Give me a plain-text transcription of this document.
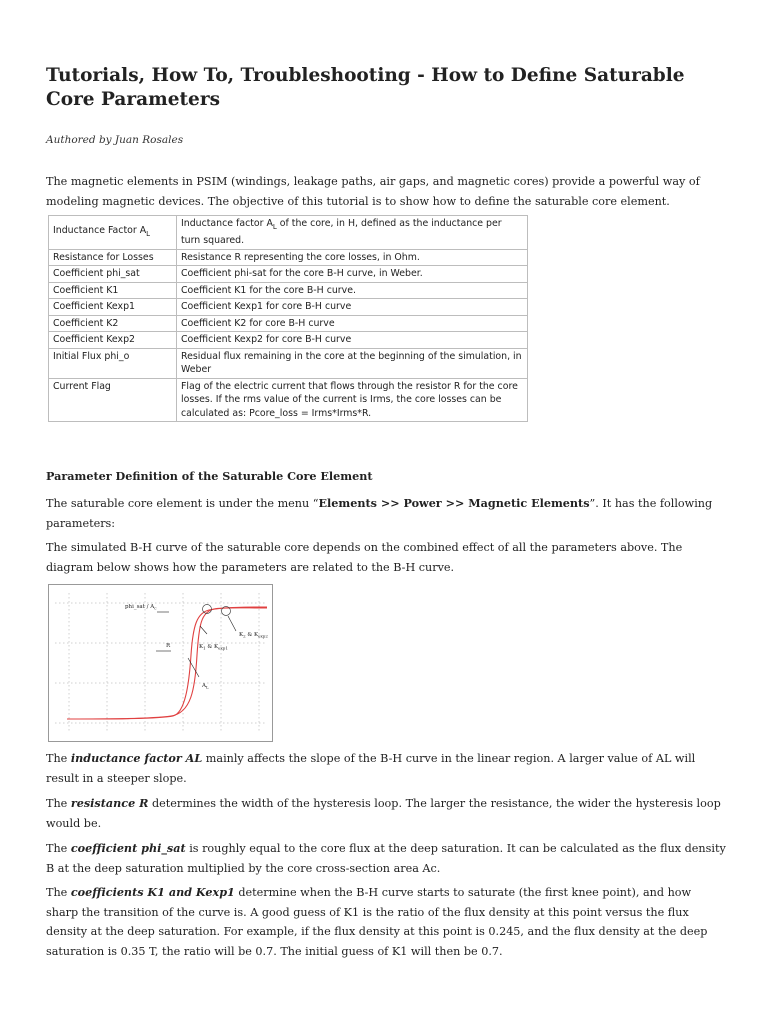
Tutorials, How To, Troubleshooting - How to Define Saturable Core Parameters
Authored by Juan Rosales

The magnetic elements in PSIM (windings, leakage paths, air gaps, and magnetic cores) provide a powerful way of modeling magnetic devices. The objective of this tutorial is to show how to define the saturable core element.

Inductance Factor $A_L$	Inductance factor $A_L$ of the core, in H, defined as the inductance per turn squared.
Resistance for Losses	Resistance R representing the core losses, in Ohm.
Coefficient phi_sat	Coefficient phi-sat for the core B-H curve, in Weber.
Coefficient K1	Coefficient K1 for the core B-H curve.
Coefficient Kexp1	Coefficient Kexp1 for core B-H curve
Coefficient K2	Coefficient K2 for core B-H curve
Coefficient Kexp2	Coefficient Kexp2 for core B-H curve
Initial Flux phi_o	Residual flux remaining in the core at the beginning of the simulation, in Weber
Current Flag	Flag of the electric current that flows through the resistor R for the core losses. If the rms value of the current is Irms, the core losses can be calculated as: Pcore_loss = Irms*Irms*R.
Parameter Definition of the Saturable Core Element

The saturable core element is under the menu “Elements >> Power >> Magnetic Elements”. It has the following parameters:

The simulated B-H curve of the saturable core depends on the combined effect of all the parameters above. The diagram below shows how the parameters are related to the B-H curve.

phi_sat / $A_c$
$K_2$ & $K_{exp2}$
R	$K_1$ & $K_{exp1}$
$A_L$

The inductance factor AL mainly affects the slope of the B-H curve in the linear region. A larger value of AL will result in a steeper slope.

The resistance R determines the width of the hysteresis loop. The larger the resistance, the wider the hysteresis loop would be.

The coefficient phi_sat is roughly equal to the core flux at the deep saturation. It can be calculated as the flux density B at the deep saturation multiplied by the core cross-section area Ac.

The coefficients K1 and Kexp1 determine when the B-H curve starts to saturate (the first knee point), and how sharp the transition of the curve is. A good guess of K1 is the ratio of the flux density at this point versus the flux density at the deep saturation. For example, if the flux density at this point is 0.245, and the flux density at the deep saturation is 0.35 T, the ratio will be 0.7. The initial guess of K1 will then be 0.7.
